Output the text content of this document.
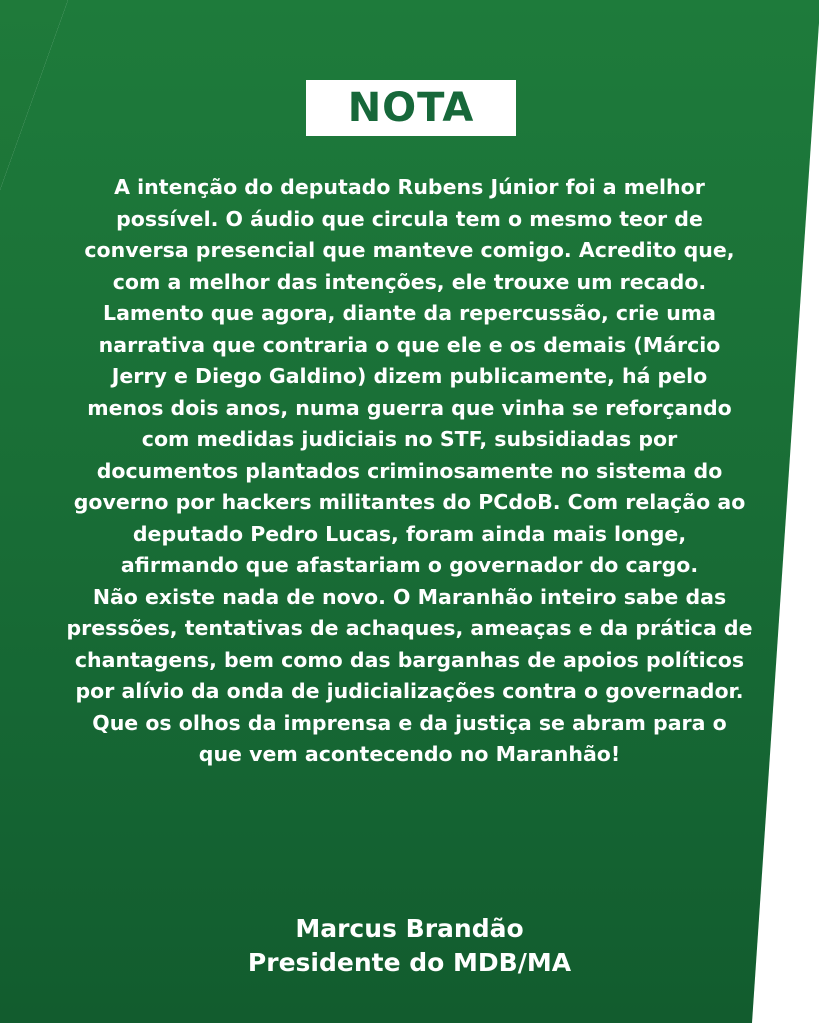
NOTA
A intenção do deputado Rubens Júnior foi a melhor
possível. O áudio que circula tem o mesmo teor de
conversa presencial que manteve comigo. Acredito que,
com a melhor das intenções, ele trouxe um recado.
Lamento que agora, diante da repercussão, crie uma
narrativa que contraria o que ele e os demais (Márcio
Jerry e Diego Galdino) dizem publicamente, há pelo
menos dois anos, numa guerra que vinha se reforçando
com medidas judiciais no STF, subsidiadas por
documentos plantados criminosamente no sistema do
governo por hackers militantes do PCdoB. Com relação ao
deputado Pedro Lucas, foram ainda mais longe,
afirmando que afastariam o governador do cargo.
Não existe nada de novo. O Maranhão inteiro sabe das
pressões, tentativas de achaques, ameaças e da prática de
chantagens, bem como das barganhas de apoios políticos
por alívio da onda de judicializações contra o governador.
Que os olhos da imprensa e da justiça se abram para o
que vem acontecendo no Maranhão!
Marcus Brandão
Presidente do MDB/MA
